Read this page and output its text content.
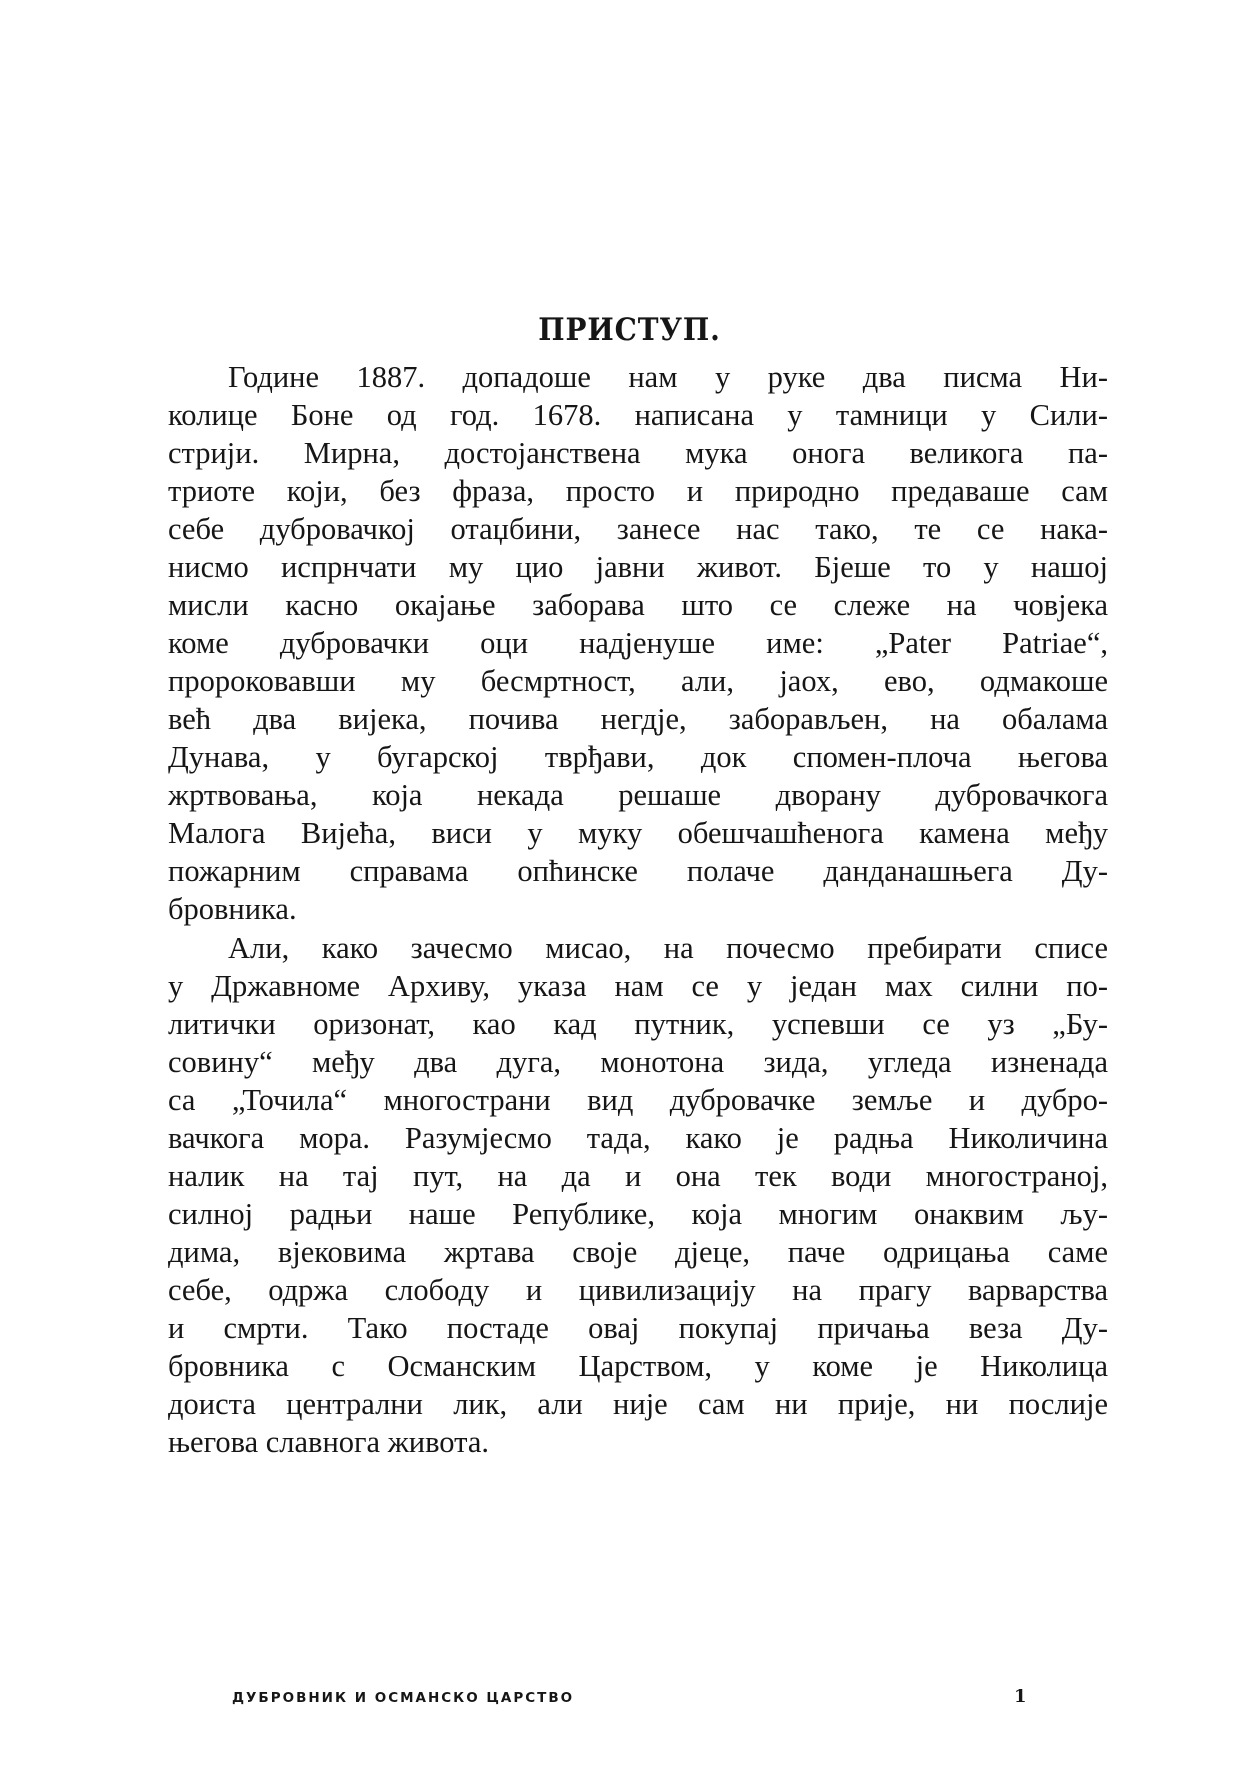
ПРИСТУП.
Године 1887. допадоше нам у руке два писма Ни-
колице Боне од год. 1678. написана у тамници у Сили-
стрији. Мирна, достојанствена мука онога великога па-
триоте који, без фраза, просто и природно предаваше сам
себе дубровачкој отаџбини, занесе нас тако, те се нака-
нисмо испрнчати му цио јавни живот. Бјеше то у нашој
мисли касно окајање заборава што се слеже на човјека
коме дубровачки оци надјенуше име: „Pater Patriae“,
пророковавши му бесмртност, али, јаох, ево, одмакоше
већ два вијека, почива негдје, заборављен, на обалама
Дунава, у бугарској тврђави, док спомен-плоча његова
жртвовања, која некада решаше дворану дубровачкога
Малога Вијећа, виси у муку обешчашћенога камена међу
пожарним справама опћинске полаче данданашњега Ду-
бровника.
Али, како зачесмо мисао, на почесмо пребирати списе
у Државноме Архиву, указа нам се у један мах силни по-
литички оризонат, као кад путник, успевши се уз „Бу-
совину“ међу два дуга, монотона зида, угледа изненада
са „Точила“ многострани вид дубровачке земље и дубро-
вачкога мора. Разумјесмо тада, како је радња Николичина
налик на тај пут, на да и она тек води многостраној,
силној радњи наше Републике, која многим онаквим љу-
дима, вјековима жртава своје дјеце, паче одрицања саме
себе, одржа слободу и цивилизацију на прагу варварства
и смрти. Тако постаде овај покупај причања веза Ду-
бровника с Османским Царством, у коме је Николица
доиста централни лик, али није сам ни прије, ни послије
његова славнога живота.
ДУБРОВНИК И ОСМАНСКО ЦАРСТВО	1
